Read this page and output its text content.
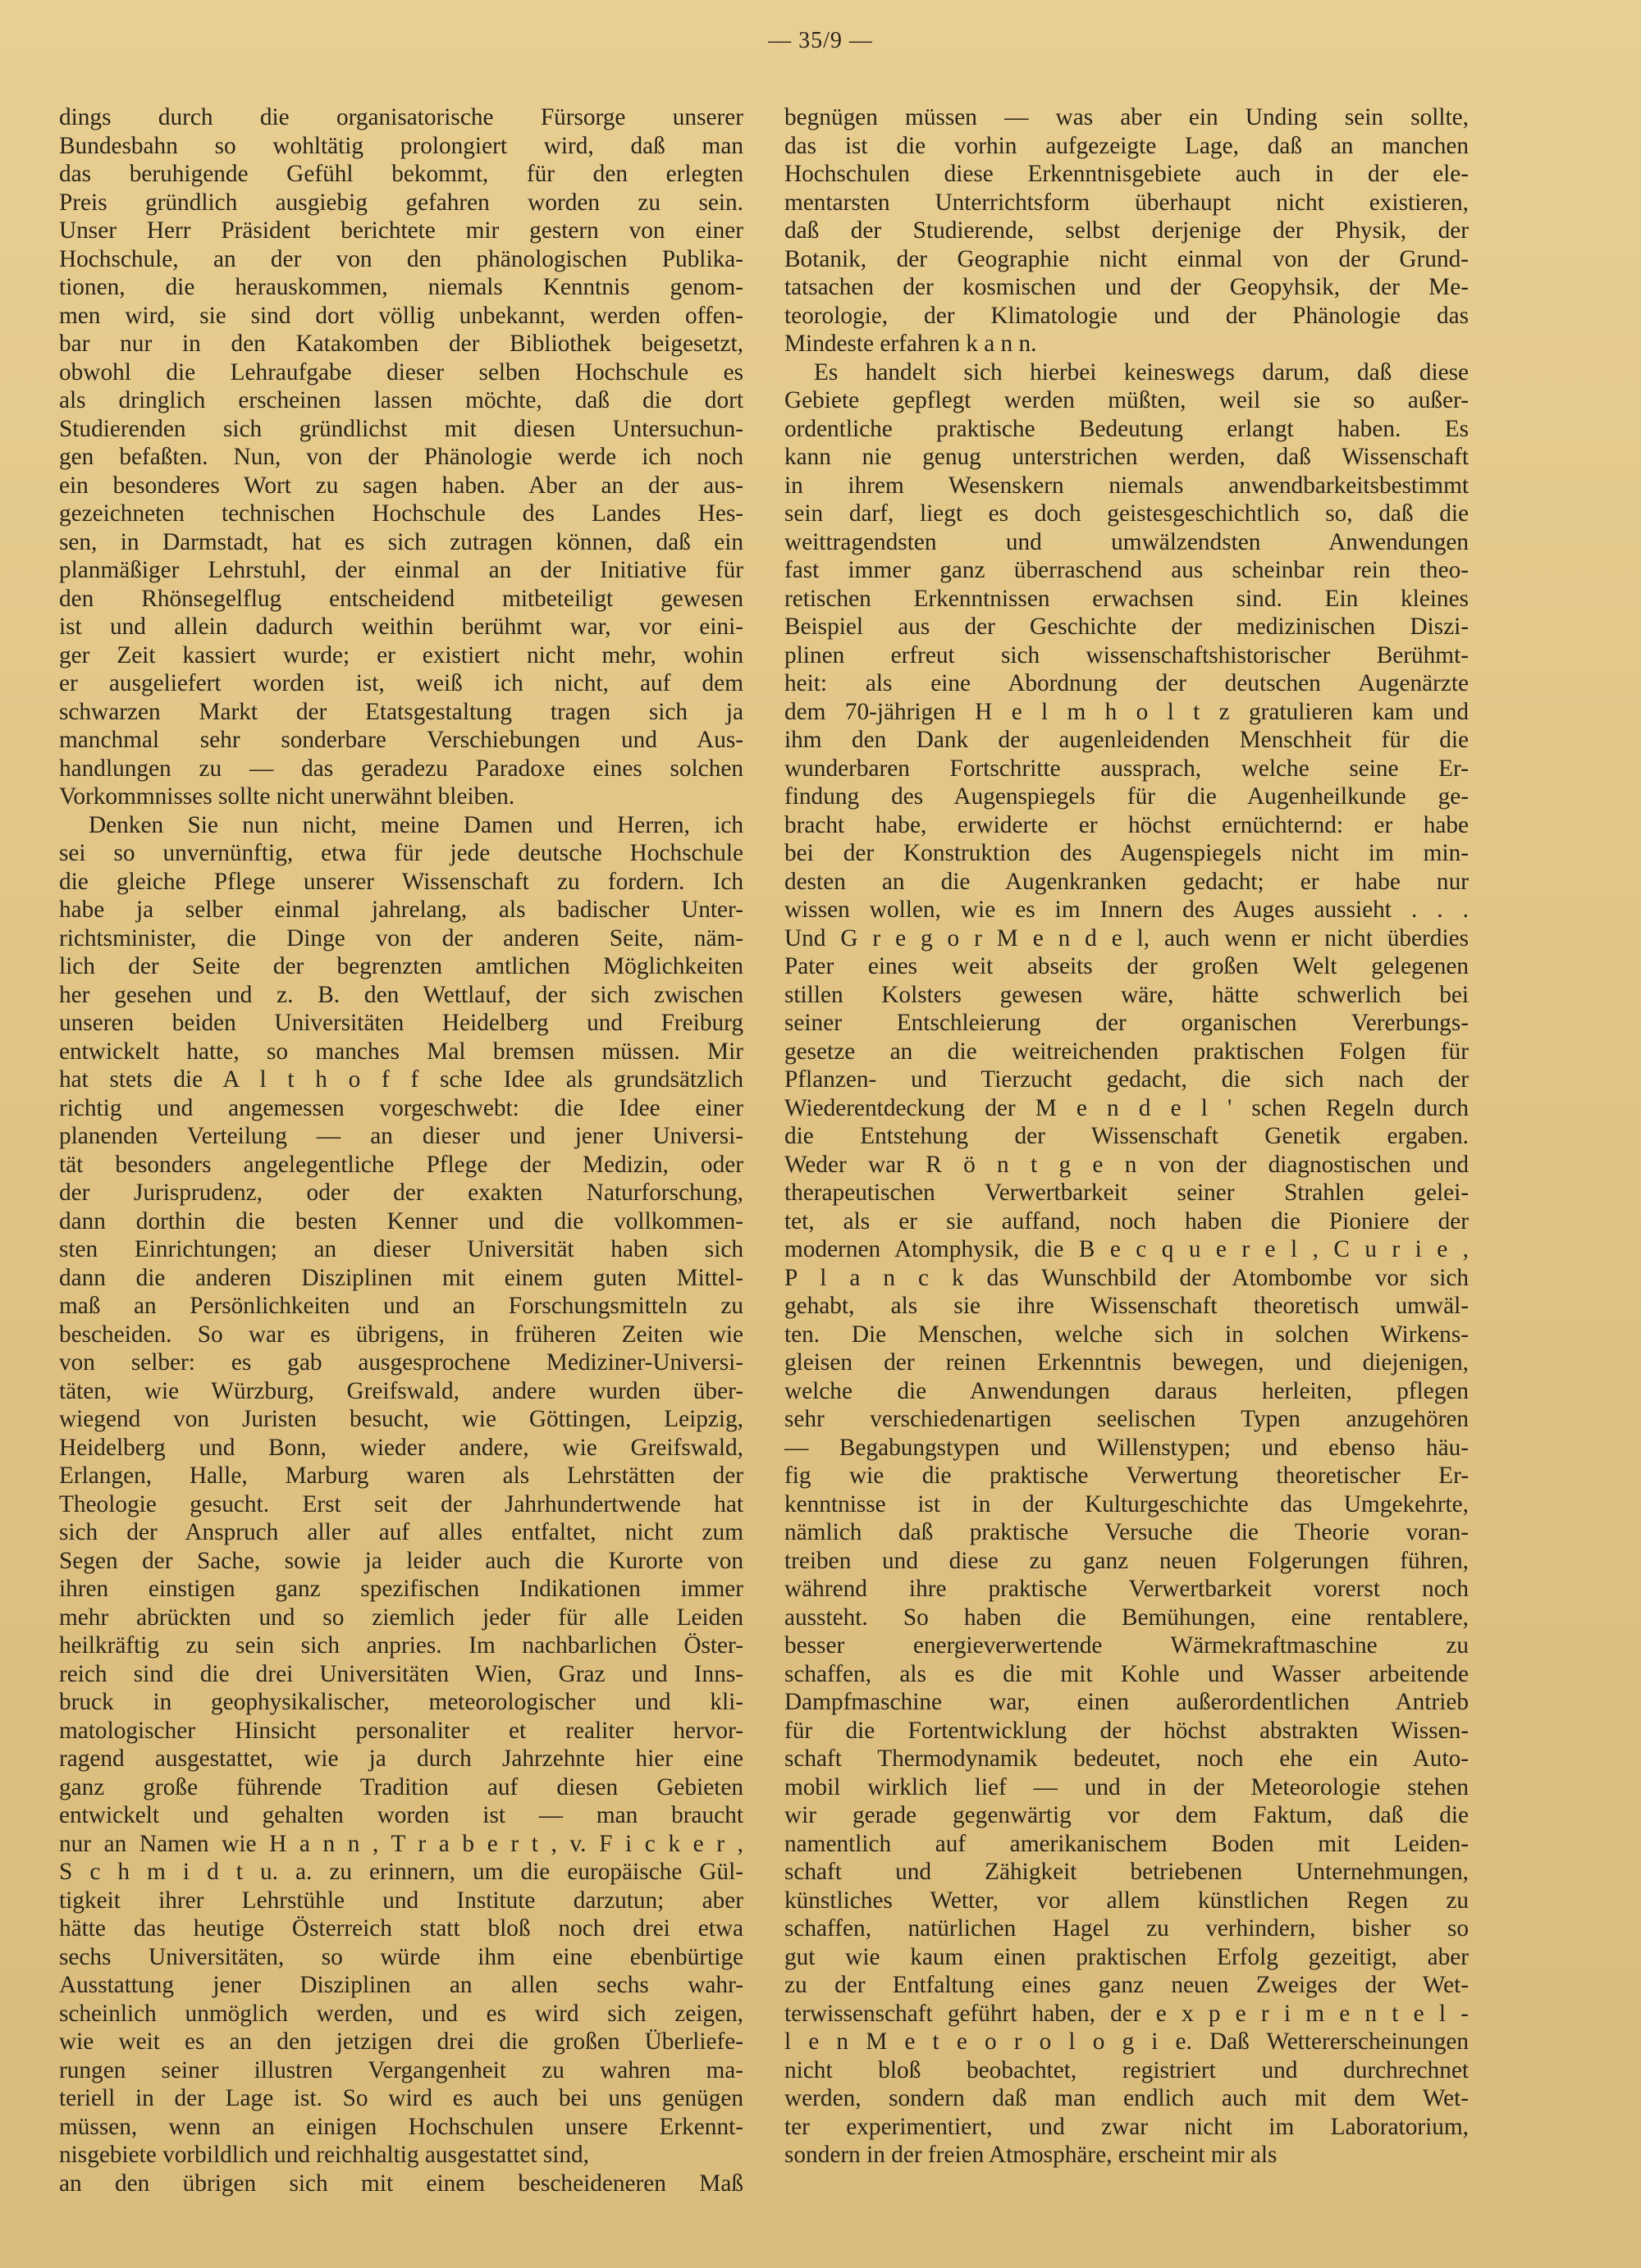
— 35/9 —
dings durch die organisatorische Fürsorge unserer
Bundesbahn so wohltätig prolongiert wird, daß man
das beruhigende Gefühl bekommt, für den erlegten
Preis gründlich ausgiebig gefahren worden zu sein.
Unser Herr Präsident berichtete mir gestern von einer
Hochschule, an der von den phänologischen Publika-
tionen, die herauskommen, niemals Kenntnis genom-
men wird, sie sind dort völlig unbekannt, werden offen-
bar nur in den Katakomben der Bibliothek beigesetzt,
obwohl die Lehraufgabe dieser selben Hochschule es
als dringlich erscheinen lassen möchte, daß die dort
Studierenden sich gründlichst mit diesen Untersuchun-
gen befaßten. Nun, von der Phänologie werde ich noch
ein besonderes Wort zu sagen haben. Aber an der aus-
gezeichneten technischen Hochschule des Landes Hes-
sen, in Darmstadt, hat es sich zutragen können, daß ein
planmäßiger Lehrstuhl, der einmal an der Initiative für
den Rhönsegelflug entscheidend mitbeteiligt gewesen
ist und allein dadurch weithin berühmt war, vor eini-
ger Zeit kassiert wurde; er existiert nicht mehr, wohin
er ausgeliefert worden ist, weiß ich nicht, auf dem
schwarzen Markt der Etatsgestaltung tragen sich ja
manchmal sehr sonderbare Verschiebungen und Aus-
handlungen zu — das geradezu Paradoxe eines solchen
Vorkommnisses sollte nicht unerwähnt bleiben.
Denken Sie nun nicht, meine Damen und Herren, ich
sei so unvernünftig, etwa für jede deutsche Hochschule
die gleiche Pflege unserer Wissenschaft zu fordern. Ich
habe ja selber einmal jahrelang, als badischer Unter-
richtsminister, die Dinge von der anderen Seite, näm-
lich der Seite der begrenzten amtlichen Möglichkeiten
her gesehen und z. B. den Wettlauf, der sich zwischen
unseren beiden Universitäten Heidelberg und Freiburg
entwickelt hatte, so manches Mal bremsen müssen. Mir
hat stets die A l t h o f f sche Idee als grundsätzlich
richtig und angemessen vorgeschwebt: die Idee einer
planenden Verteilung — an dieser und jener Universi-
tät besonders angelegentliche Pflege der Medizin, oder
der Jurisprudenz, oder der exakten Naturforschung,
dann dorthin die besten Kenner und die vollkommen-
sten Einrichtungen; an dieser Universität haben sich
dann die anderen Disziplinen mit einem guten Mittel-
maß an Persönlichkeiten und an Forschungsmitteln zu
bescheiden. So war es übrigens, in früheren Zeiten wie
von selber: es gab ausgesprochene Mediziner-Universi-
täten, wie Würzburg, Greifswald, andere wurden über-
wiegend von Juristen besucht, wie Göttingen, Leipzig,
Heidelberg und Bonn, wieder andere, wie Greifswald,
Erlangen, Halle, Marburg waren als Lehrstätten der
Theologie gesucht. Erst seit der Jahrhundertwende hat
sich der Anspruch aller auf alles entfaltet, nicht zum
Segen der Sache, sowie ja leider auch die Kurorte von
ihren einstigen ganz spezifischen Indikationen immer
mehr abrückten und so ziemlich jeder für alle Leiden
heilkräftig zu sein sich anpries. Im nachbarlichen Öster-
reich sind die drei Universitäten Wien, Graz und Inns-
bruck in geophysikalischer, meteorologischer und kli-
matologischer Hinsicht personaliter et realiter hervor-
ragend ausgestattet, wie ja durch Jahrzehnte hier eine
ganz große führende Tradition auf diesen Gebieten
entwickelt und gehalten worden ist — man braucht
nur an Namen wie H a n n , T r a b e r t , v. F i c k e r ,
S c h m i d t u. a. zu erinnern, um die europäische Gül-
tigkeit ihrer Lehrstühle und Institute darzutun; aber
hätte das heutige Österreich statt bloß noch drei etwa
sechs Universitäten, so würde ihm eine ebenbürtige
Ausstattung jener Disziplinen an allen sechs wahr-
scheinlich unmöglich werden, und es wird sich zeigen,
wie weit es an den jetzigen drei die großen Überliefe-
rungen seiner illustren Vergangenheit zu wahren ma-
teriell in der Lage ist. So wird es auch bei uns genügen
müssen, wenn an einigen Hochschulen unsere Erkennt-
nisgebiete vorbildlich und reichhaltig ausgestattet sind,
an den übrigen sich mit einem bescheideneren Maß
begnügen müssen — was aber ein Unding sein sollte,
das ist die vorhin aufgezeigte Lage, daß an manchen
Hochschulen diese Erkenntnisgebiete auch in der ele-
mentarsten Unterrichtsform überhaupt nicht existieren,
daß der Studierende, selbst derjenige der Physik, der
Botanik, der Geographie nicht einmal von der Grund-
tatsachen der kosmischen und der Geopyhsik, der Me-
teorologie, der Klimatologie und der Phänologie das
Mindeste erfahren k a n n.
Es handelt sich hierbei keineswegs darum, daß diese
Gebiete gepflegt werden müßten, weil sie so außer-
ordentliche praktische Bedeutung erlangt haben. Es
kann nie genug unterstrichen werden, daß Wissenschaft
in ihrem Wesenskern niemals anwendbarkeitsbestimmt
sein darf, liegt es doch geistesgeschichtlich so, daß die
weittragendsten und umwälzendsten Anwendungen
fast immer ganz überraschend aus scheinbar rein theo-
retischen Erkenntnissen erwachsen sind. Ein kleines
Beispiel aus der Geschichte der medizinischen Diszi-
plinen erfreut sich wissenschaftshistorischer Berühmt-
heit: als eine Abordnung der deutschen Augenärzte
dem 70-jährigen H e l m h o l t z gratulieren kam und
ihm den Dank der augenleidenden Menschheit für die
wunderbaren Fortschritte aussprach, welche seine Er-
findung des Augenspiegels für die Augenheilkunde ge-
bracht habe, erwiderte er höchst ernüchternd: er habe
bei der Konstruktion des Augenspiegels nicht im min-
desten an die Augenkranken gedacht; er habe nur
wissen wollen, wie es im Innern des Auges aussieht . . .
Und G r e g o r M e n d e l, auch wenn er nicht überdies
Pater eines weit abseits der großen Welt gelegenen
stillen Kolsters gewesen wäre, hätte schwerlich bei
seiner Entschleierung der organischen Vererbungs-
gesetze an die weitreichenden praktischen Folgen für
Pflanzen- und Tierzucht gedacht, die sich nach der
Wiederentdeckung der M e n d e l ' schen Regeln durch
die Entstehung der Wissenschaft Genetik ergaben.
Weder war R ö n t g e n von der diagnostischen und
therapeutischen Verwertbarkeit seiner Strahlen gelei-
tet, als er sie auffand, noch haben die Pioniere der
modernen Atomphysik, die B e c q u e r e l , C u r i e ,
P l a n c k das Wunschbild der Atombombe vor sich
gehabt, als sie ihre Wissenschaft theoretisch umwäl-
ten. Die Menschen, welche sich in solchen Wirkens-
gleisen der reinen Erkenntnis bewegen, und diejenigen,
welche die Anwendungen daraus herleiten, pflegen
sehr verschiedenartigen seelischen Typen anzugehören
— Begabungstypen und Willenstypen; und ebenso häu-
fig wie die praktische Verwertung theoretischer Er-
kenntnisse ist in der Kulturgeschichte das Umgekehrte,
nämlich daß praktische Versuche die Theorie voran-
treiben und diese zu ganz neuen Folgerungen führen,
während ihre praktische Verwertbarkeit vorerst noch
aussteht. So haben die Bemühungen, eine rentablere,
besser energieverwertende Wärmekraftmaschine zu
schaffen, als es die mit Kohle und Wasser arbeitende
Dampfmaschine war, einen außerordentlichen Antrieb
für die Fortentwicklung der höchst abstrakten Wissen-
schaft Thermodynamik bedeutet, noch ehe ein Auto-
mobil wirklich lief — und in der Meteorologie stehen
wir gerade gegenwärtig vor dem Faktum, daß die
namentlich auf amerikanischem Boden mit Leiden-
schaft und Zähigkeit betriebenen Unternehmungen,
künstliches Wetter, vor allem künstlichen Regen zu
schaffen, natürlichen Hagel zu verhindern, bisher so
gut wie kaum einen praktischen Erfolg gezeitigt, aber
zu der Entfaltung eines ganz neuen Zweiges der Wet-
terwissenschaft geführt haben, der e x p e r i m e n t e l -
l e n M e t e o r o l o g i e. Daß Wettererscheinungen
nicht bloß beobachtet, registriert und durchrechnet
werden, sondern daß man endlich auch mit dem Wet-
ter experimentiert, und zwar nicht im Laboratorium,
sondern in der freien Atmosphäre, erscheint mir als
